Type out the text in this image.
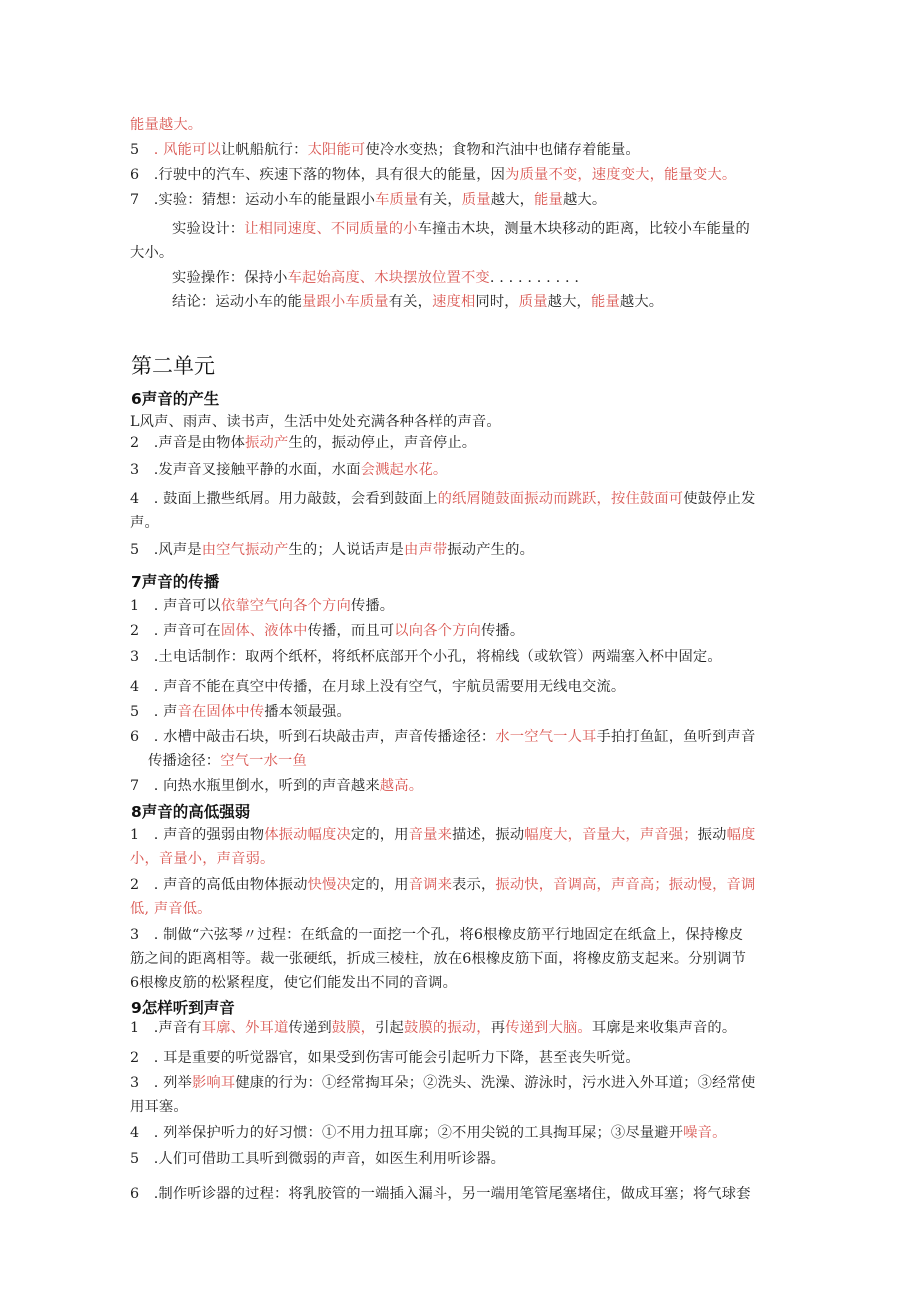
能量越大。
5　. 风能可以让帆船航行：太阳能可使冷水变热；食物和汽油中也储存着能量。
6　.行驶中的汽车、疾速下落的物体，具有很大的能量，因为质量不变，速度变大，能量变大。
7　.实验：猜想：运动小车的能量跟小车质量有关，质量越大，能量越大。
实验设计：让相同速度、不同质量的小车撞击木块，测量木块移动的距离，比较小车能量的
大小。
实验操作：保持小车起始高度、木块摆放位置不变. . . . . . . . . .
结论：运动小车的能量跟小车质量有关，速度相同时，质量越大，能量越大。
第二单元
6声音的产生
L风声、雨声、读书声，生活中处处充满各种各样的声音。
2　.声音是由物体振动产生的，振动停止，声音停止。
3　.发声音叉接触平静的水面，水面会溅起水花。
4　. 鼓面上撒些纸屑。用力敲鼓，会看到鼓面上的纸屑随鼓面振动而跳跃，按住鼓面可使鼓停止发
声。
5　.风声是由空气振动产生的；人说话声是由声带振动产生的。
7声音的传播
1　. 声音可以依靠空气向各个方向传播。
2　. 声音可在固体、液体中传播，而且可以向各个方向传播。
3　.土电话制作：取两个纸杯，将纸杯底部开个小孔，将棉线（或软管）两端塞入杯中固定。
4　. 声音不能在真空中传播，在月球上没有空气，宇航员需要用无线电交流。
5　. 声音在固体中传播本领最强。
6　. 水槽中敲击石块，听到石块敲击声，声音传播途径：水一空气一人耳手拍打鱼缸，鱼听到声音
传播途径：空气一水一鱼
7　. 向热水瓶里倒水，听到的声音越来越高。
8声音的高低强弱
1　. 声音的强弱由物体振动幅度决定的，用音量来描述，振动幅度大，音量大，声音强；振动幅度
小，音量小，声音弱。
2　. 声音的高低由物体振动快慢决定的，用音调来表示，振动快，音调高，声音高；振动慢，音调
低, 声音低。
3　. 制做“六弦琴〃过程：在纸盒的一面挖一个孔，将6根橡皮筋平行地固定在纸盒上，保持橡皮
筋之间的距离相等。裁一张硬纸，折成三棱柱，放在6根橡皮筋下面，将橡皮筋支起来。分别调节
6根橡皮筋的松紧程度，使它们能发出不同的音调。
9怎样听到声音
1　.声音有耳廓、外耳道传递到鼓膜，引起鼓膜的振动，再传递到大脑。耳廓是来收集声音的。
2　. 耳是重要的听觉器官，如果受到伤害可能会引起听力下降，甚至丧失听觉。
3　. 列举影响耳健康的行为：①经常掏耳朵；②洗头、洗澡、游泳时，污水进入外耳道；③经常使
用耳塞。
4　. 列举保护听力的好习惯：①不用力扭耳廓；②不用尖锐的工具掏耳屎；③尽量避开噪音。
5　.人们可借助工具听到微弱的声音，如医生利用听诊器。
6　.制作听诊器的过程：将乳胶管的一端插入漏斗，另一端用笔管尾塞堵住，做成耳塞；将气球套
